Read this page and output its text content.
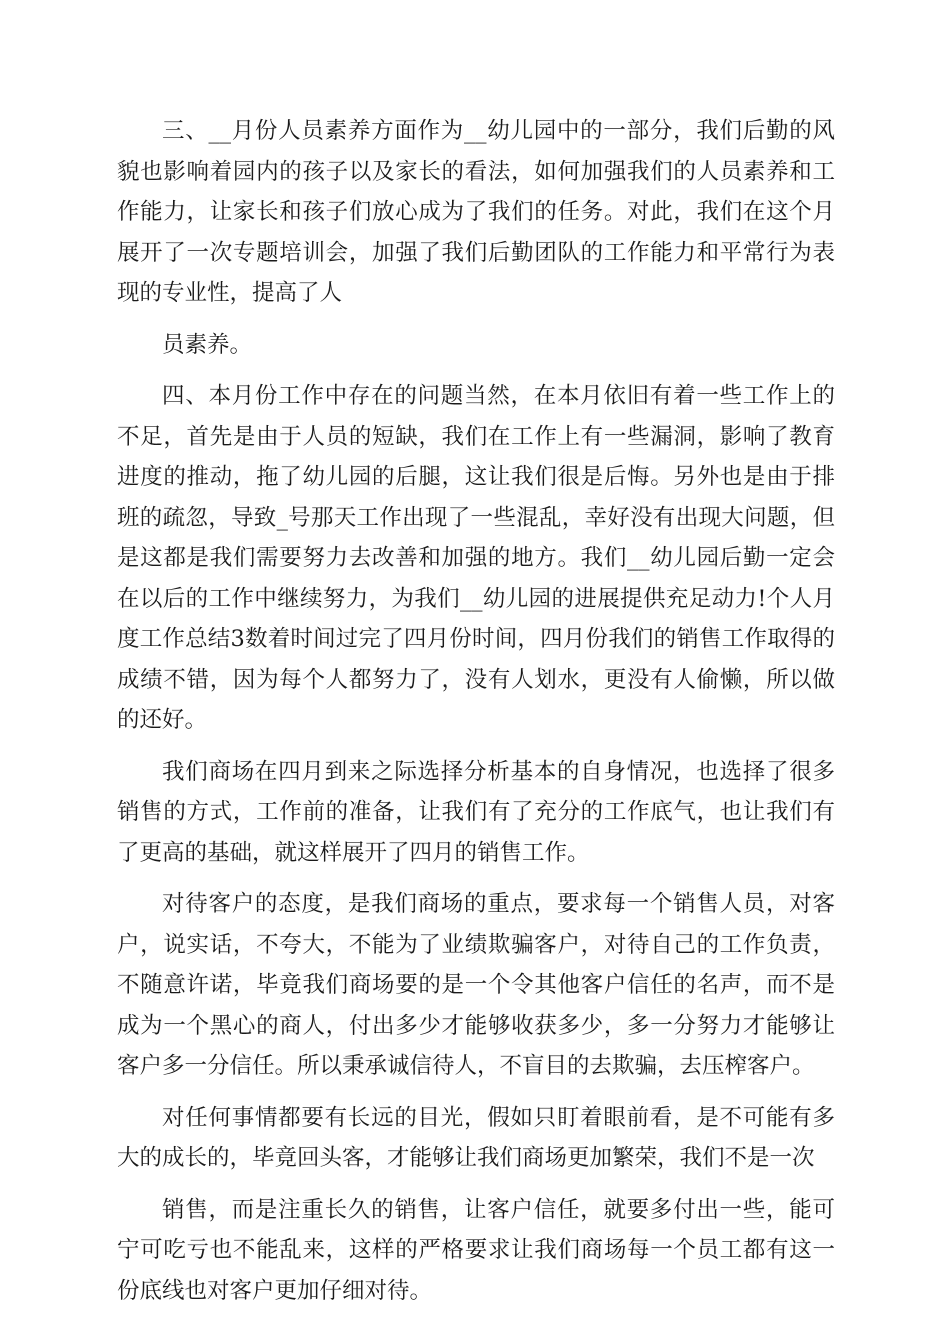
三、__月份人员素养方面作为__幼儿园中的一部分，我们后勤的风貌也影响着园内的孩子以及家长的看法，如何加强我们的人员素养和工作能力，让家长和孩子们放心成为了我们的任务。对此，我们在这个月展开了一次专题培训会，加强了我们后勤团队的工作能力和平常行为表现的专业性，提高了人

员素养。

四、本月份工作中存在的问题当然，在本月依旧有着一些工作上的不足，首先是由于人员的短缺，我们在工作上有一些漏洞，影响了教育进度的推动，拖了幼儿园的后腿，这让我们很是后悔。另外也是由于排班的疏忽，导致_号那天工作出现了一些混乱，幸好没有出现大问题，但是这都是我们需要努力去改善和加强的地方。我们__幼儿园后勤一定会在以后的工作中继续努力，为我们__幼儿园的进展提供充足动力!个人月度工作总结3数着时间过完了四月份时间，四月份我们的销售工作取得的成绩不错，因为每个人都努力了，没有人划水，更没有人偷懒，所以做的还好。

我们商场在四月到来之际选择分析基本的自身情况，也选择了很多销售的方式，工作前的准备，让我们有了充分的工作底气，也让我们有了更高的基础，就这样展开了四月的销售工作。

对待客户的态度，是我们商场的重点，要求每一个销售人员，对客户，说实话，不夸大，不能为了业绩欺骗客户，对待自己的工作负责，不随意许诺，毕竟我们商场要的是一个令其他客户信任的名声，而不是成为一个黑心的商人，付出多少才能够收获多少，多一分努力才能够让客户多一分信任。所以秉承诚信待人，不盲目的去欺骗，去压榨客户。

对任何事情都要有长远的目光，假如只盯着眼前看，是不可能有多大的成长的，毕竟回头客，才能够让我们商场更加繁荣，我们不是一次

销售，而是注重长久的销售，让客户信任，就要多付出一些，能可宁可吃亏也不能乱来，这样的严格要求让我们商场每一个员工都有这一份底线也对客户更加仔细对待。
